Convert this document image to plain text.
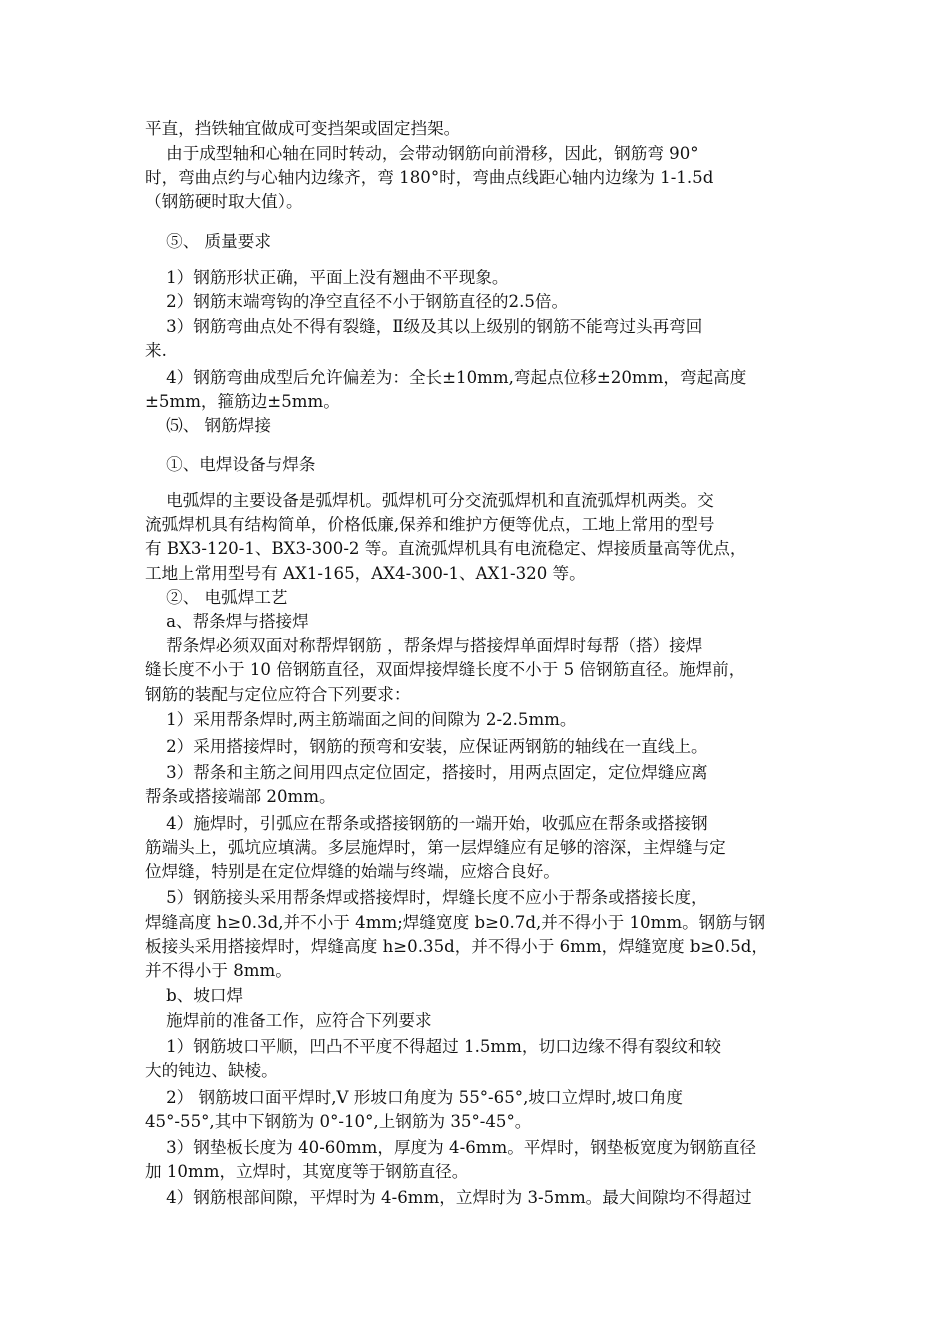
平直，挡铁轴宜做成可变挡架或固定挡架。
由于成型轴和心轴在同时转动，会带动钢筋向前滑移，因此，钢筋弯 90°
时，弯曲点约与心轴内边缘齐，弯 180°时，弯曲点线距心轴内边缘为 1-1.5d
（钢筋硬时取大值）。
⑤、 质量要求
1）钢筋形状正确，平面上没有翘曲不平现象。
2）钢筋末端弯钩的净空直径不小于钢筋直径的2.5倍。
3）钢筋弯曲点处不得有裂缝，Ⅱ级及其以上级别的钢筋不能弯过头再弯回
来.
4）钢筋弯曲成型后允许偏差为：全长±10mm,弯起点位移±20mm，弯起高度
±5mm，箍筋边±5mm。
⑸、 钢筋焊接
①、电焊设备与焊条
电弧焊的主要设备是弧焊机。弧焊机可分交流弧焊机和直流弧焊机两类。交
流弧焊机具有结构简单，价格低廉,保养和维护方便等优点，工地上常用的型号
有 BX3-120-1、BX3-300-2 等。直流弧焊机具有电流稳定、焊接质量高等优点，
工地上常用型号有 AX1-165，AX4-300-1、AX1-320 等。
②、 电弧焊工艺
a、帮条焊与搭接焊
帮条焊必须双面对称帮焊钢筋 ，帮条焊与搭接焊单面焊时每帮（搭）接焊
缝长度不小于 10 倍钢筋直径，双面焊接焊缝长度不小于 5 倍钢筋直径。施焊前，
钢筋的装配与定位应符合下列要求：
1）采用帮条焊时,两主筋端面之间的间隙为 2-2.5mm。
2）采用搭接焊时，钢筋的预弯和安装，应保证两钢筋的轴线在一直线上。
3）帮条和主筋之间用四点定位固定，搭接时，用两点固定，定位焊缝应离
帮条或搭接端部 20mm。
4）施焊时，引弧应在帮条或搭接钢筋的一端开始，收弧应在帮条或搭接钢
筋端头上，弧坑应填满。多层施焊时，第一层焊缝应有足够的溶深，主焊缝与定
位焊缝，特别是在定位焊缝的始端与终端，应熔合良好。
5）钢筋接头采用帮条焊或搭接焊时，焊缝长度不应小于帮条或搭接长度，
焊缝高度 h≥0.3d,并不小于 4mm;焊缝宽度 b≥0.7d,并不得小于 10mm。钢筋与钢
板接头采用搭接焊时，焊缝高度 h≥0.35d，并不得小于 6mm，焊缝宽度 b≥0.5d，
并不得小于 8mm。
b、坡口焊
施焊前的准备工作，应符合下列要求
1）钢筋坡口平顺，凹凸不平度不得超过 1.5mm，切口边缘不得有裂纹和较
大的钝边、缺棱。
2） 钢筋坡口面平焊时,V 形坡口角度为 55°-65°,坡口立焊时,坡口角度
45°-55°,其中下钢筋为 0°-10°,上钢筋为 35°-45°。
3）钢垫板长度为 40-60mm，厚度为 4-6mm。平焊时，钢垫板宽度为钢筋直径
加 10mm，立焊时，其宽度等于钢筋直径。
4）钢筋根部间隙，平焊时为 4-6mm，立焊时为 3-5mm。最大间隙均不得超过
